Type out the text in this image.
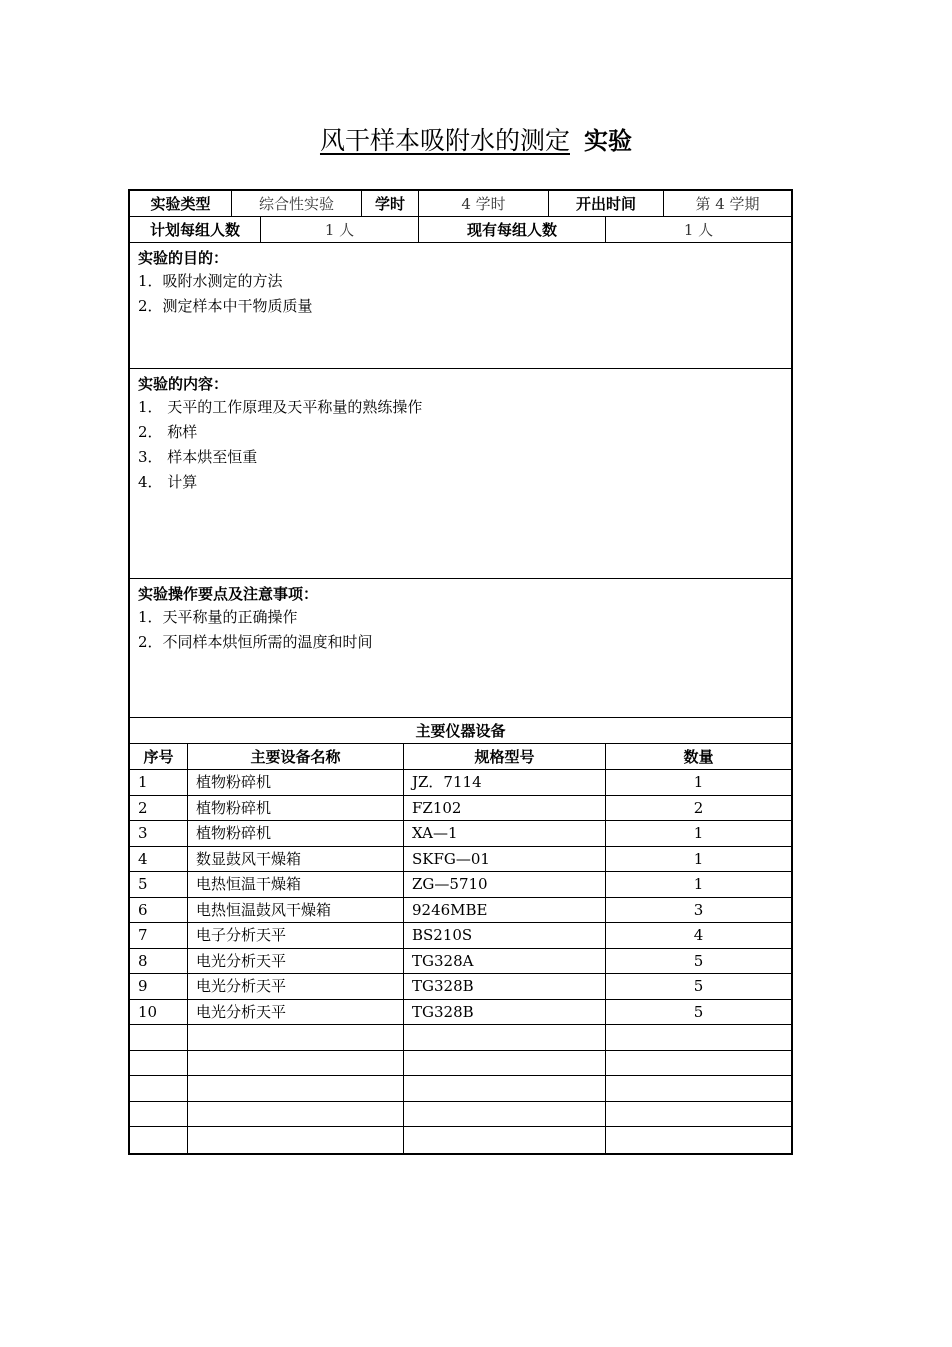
风干样本吸附水的测定 实验
实验类型	综合性实验	学时	4 学时	开出时间	第 4 学期
计划每组人数	1 人	现有每组人数	1 人
实验的目的：
1．吸附水测定的方法
2．测定样本中干物质质量
实验的内容：
1． 天平的工作原理及天平称量的熟练操作
2． 称样
3． 样本烘至恒重
4． 计算
实验操作要点及注意事项：
1．天平称量的正确操作
2．不同样本烘恒所需的温度和时间
主要仪器设备
序号	主要设备名称	规格型号	数量
1	植物粉碎机	JZ．7114	1
2	植物粉碎机	FZ102	2
3	植物粉碎机	XA—1	1
4	数显鼓风干燥箱	SKFG—01	1
5	电热恒温干燥箱	ZG—5710	1
6	电热恒温鼓风干燥箱	9246MBE	3
7	电子分析天平	BS210S	4
8	电光分析天平	TG328A	5
9	电光分析天平	TG328B	5
10	电光分析天平	TG328B	5
